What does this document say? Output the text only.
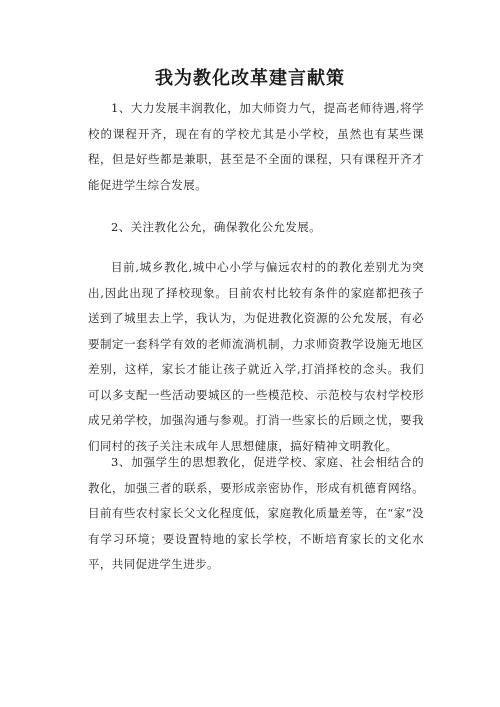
我为教化改革建言献策

1、大力发展丰润教化，加大师资力气，提高老师待遇,将学校的课程开齐，现在有的学校尤其是小学校，虽然也有某些课程，但是好些都是兼职，甚至是不全面的课程，只有课程开齐才能促进学生综合发展。

2、关注教化公允，确保教化公允发展。

目前,城乡教化,城中心小学与偏远农村的的教化差别尤为突出,因此出现了择校现象。目前农村比较有条件的家庭都把孩子送到了城里去上学，我认为，为促进教化资源的公允发展，有必要制定一套科学有效的老师流淌机制，力求师资教学设施无地区差别，这样，家长才能让孩子就近入学,打消择校的念头。我们可以多支配一些活动要城区的一些模范校、示范校与农村学校形成兄弟学校，加强沟通与参观。打消一些家长的后顾之忧，要我们同村的孩子关注未成年人思想健康，搞好精神文明教化。

3、加强学生的思想教化，促进学校、家庭、社会相结合的教化，加强三者的联系，要形成亲密协作，形成有机德育网络。目前有些农村家长父文化程度低，家庭教化质量差等，在“家”没有学习环境；要设置特地的家长学校，不断培育家长的文化水平，共同促进学生进步。
